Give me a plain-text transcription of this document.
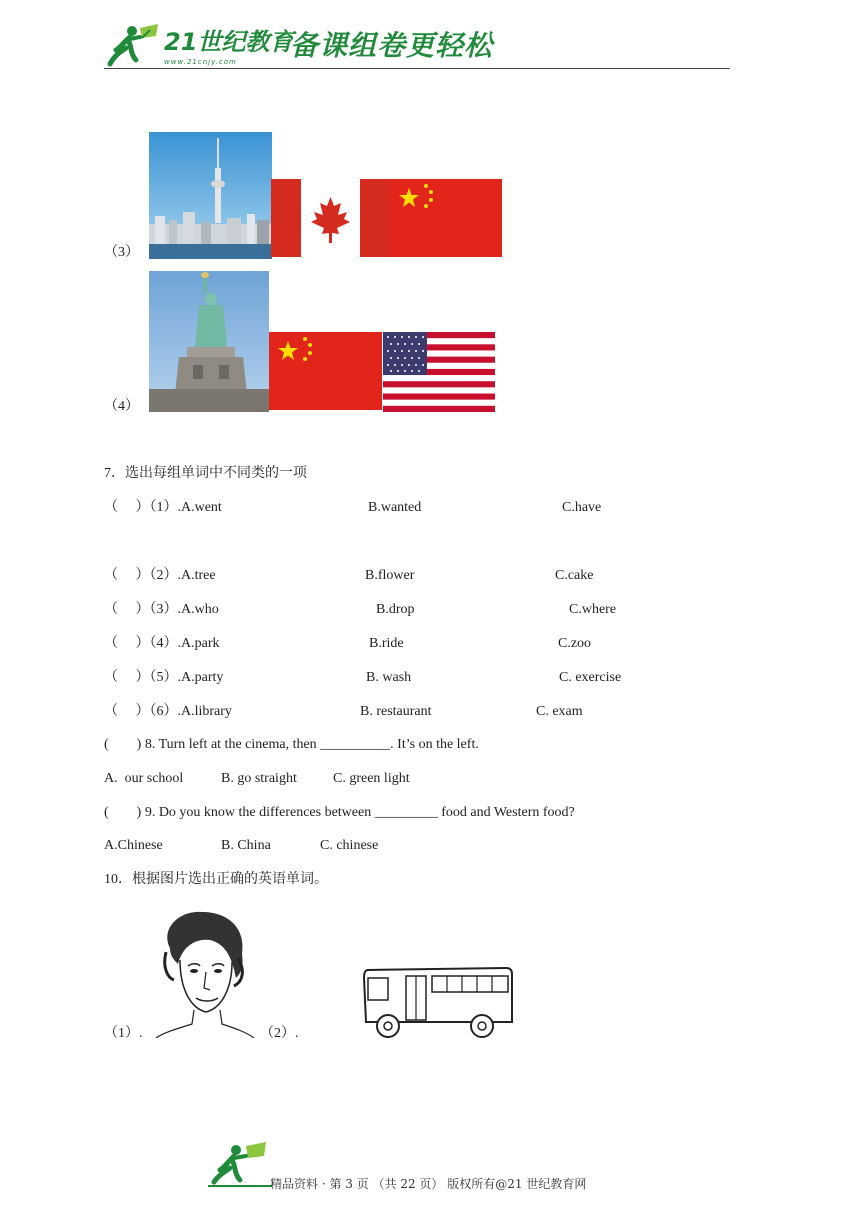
21世纪教育
www.21cnjy.com 备课组卷更轻松
（3）
（4）
7．选出每组单词中不同类的一项
（　 ）（1）.A.went	B.wanted	C.have
（　 ）（2）.A.tree	B.flower	C.cake
（　 ）（3）.A.who	B.drop	C.where
（　 ）（4）.A.park	B.ride	C.zoo
（　 ）（5）.A.party	B. wash	C. exercise
（　 ）（6）.A.library	B. restaurant	C. exam
(　　) 8. Turn left at the cinema, then __________. It’s on the left.
A.  our school	B. go straight	C. green light
(　　) 9. Do you know the differences between _________ food and Western food?
A.Chinese	B. China	C. chinese
10．根据图片选出正确的英语单词。
（1）.	（2）.
精品资料 · 第 3 页 （共 22 页） 版权所有@21 世纪教育网
